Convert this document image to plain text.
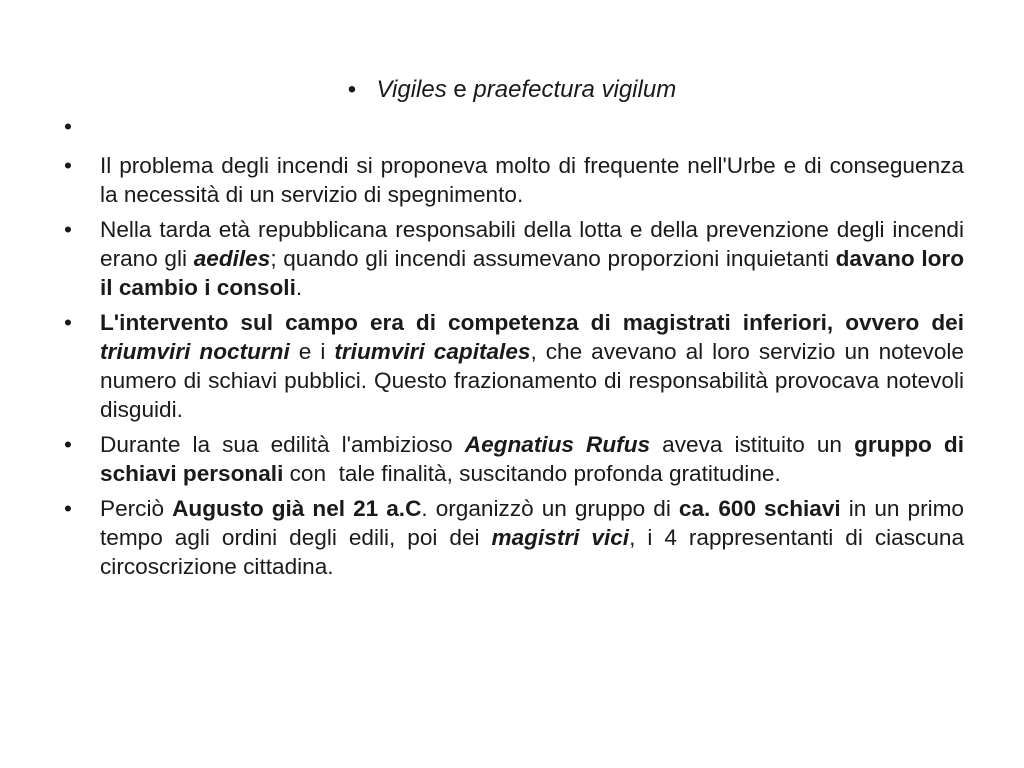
• Vigiles e praefectura vigilum
•
•	Il problema degli incendi si proponeva molto di frequente nell'Urbe e di conseguenza la necessità di un servizio di spegnimento.
•	Nella tarda età repubblicana responsabili della lotta e della prevenzione degli incendi erano gli aediles; quando gli incendi assumevano proporzioni inquietanti davano loro il cambio i consoli.
•	L'intervento sul campo era di competenza di magistrati inferiori, ovvero dei triumviri nocturni e i triumviri capitales, che avevano al loro servizio un notevole numero di schiavi pubblici. Questo frazionamento di responsabilità provocava notevoli disguidi.
•	Durante la sua edilità l'ambizioso Aegnatius Rufus aveva istituito un gruppo di schiavi personali con  tale finalità, suscitando profonda gratitudine.
•	Perciò Augusto già nel 21 a.C. organizzò un gruppo di ca. 600 schiavi in un primo tempo agli ordini degli edili, poi dei magistri vici, i 4 rappresentanti di ciascuna circoscrizione cittadina.
